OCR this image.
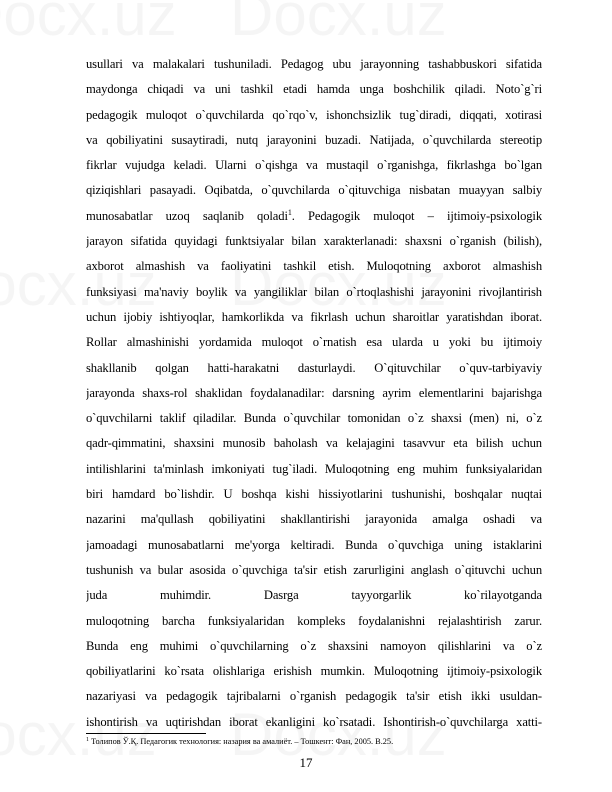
usullari va malakalari tushuniladi. Pedagog ubu jarayonning tashabbuskori sifatida
maydonga chiqadi va uni tashkil etadi hamda unga boshchilik qiladi. Noto`g`ri
pedagogik muloqot o`quvchilarda qo`rqo`v, ishonchsizlik tug`diradi, diqqati, xotirasi
va qobiliyatini susaytiradi, nutq jarayonini buzadi. Natijada, o`quvchilarda stereotip
fikrlar vujudga keladi. Ularni o`qishga va mustaqil o`rganishga, fikrlashga bo`lgan
qiziqishlari pasayadi. Oqibatda, o`quvchilarda o`qituvchiga nisbatan muayyan salbiy
munosabatlar uzoq saqlanib qoladi$^1$. Pedagogik muloqot – ijtimoiy-psixologik
jarayon sifatida quyidagi funktsiyalar bilan xarakterlanadi: shaxsni o`rganish (bilish),
axborot almashish va faoliyatini tashkil etish. Muloqotning axborot almashish
funksiyasi ma'naviy boylik va yangiliklar bilan o`rtoqlashishi jarayonini rivojlantirish
uchun ijobiy ishtiyoqlar, hamkorlikda va fikrlash uchun sharoitlar yaratishdan iborat.
Rollar almashinishi yordamida muloqot o`rnatish esa ularda u yoki bu ijtimoiy
shakllanib qolgan hatti-harakatni dasturlaydi. O`qituvchilar o`quv-tarbiyaviy
jarayonda shaxs-rol shaklidan foydalanadilar: darsning ayrim elementlarini bajarishga
o`quvchilarni taklif qiladilar. Bunda o`quvchilar tomonidan o`z shaxsi (men) ni, o`z
qadr-qimmatini, shaxsini munosib baholash va kelajagini tasavvur eta bilish uchun
intilishlarini ta'minlash imkoniyati tug`iladi. Muloqotning eng muhim funksiyalaridan
biri hamdard bo`lishdir. U boshqa kishi hissiyotlarini tushunishi, boshqalar nuqtai
nazarini ma'qullash qobiliyatini shakllantirishi jarayonida amalga oshadi va
jamoadagi munosabatlarni me'yorga keltiradi. Bunda o`quvchiga uning istaklarini
tushunish va bular asosida o`quvchiga ta'sir etish zarurligini anglash o`qituvchi uchun
juda muhimdir. Dasrga tayyorgarlik ko`rilayotganda
muloqotning barcha funksiyalaridan kompleks foydalanishni rejalashtirish zarur.
Bunda eng muhimi o`quvchilarning o`z shaxsini namoyon qilishlarini va o`z
qobiliyatlarini ko`rsata olishlariga erishish mumkin. Muloqotning ijtimoiy-psixologik
nazariyasi va pedagogik tajribalarni o`rganish pedagogik ta'sir etish ikki usuldan-
ishontirish va uqtirishdan iborat ekanligini ko`rsatadi. Ishontirish-o`quvchilarga xatti-
$^1$ Толипов Ў.Қ. Педагогик технология: назария ва амалиёт. – Тошкент: Фан, 2005. B.25.
17
